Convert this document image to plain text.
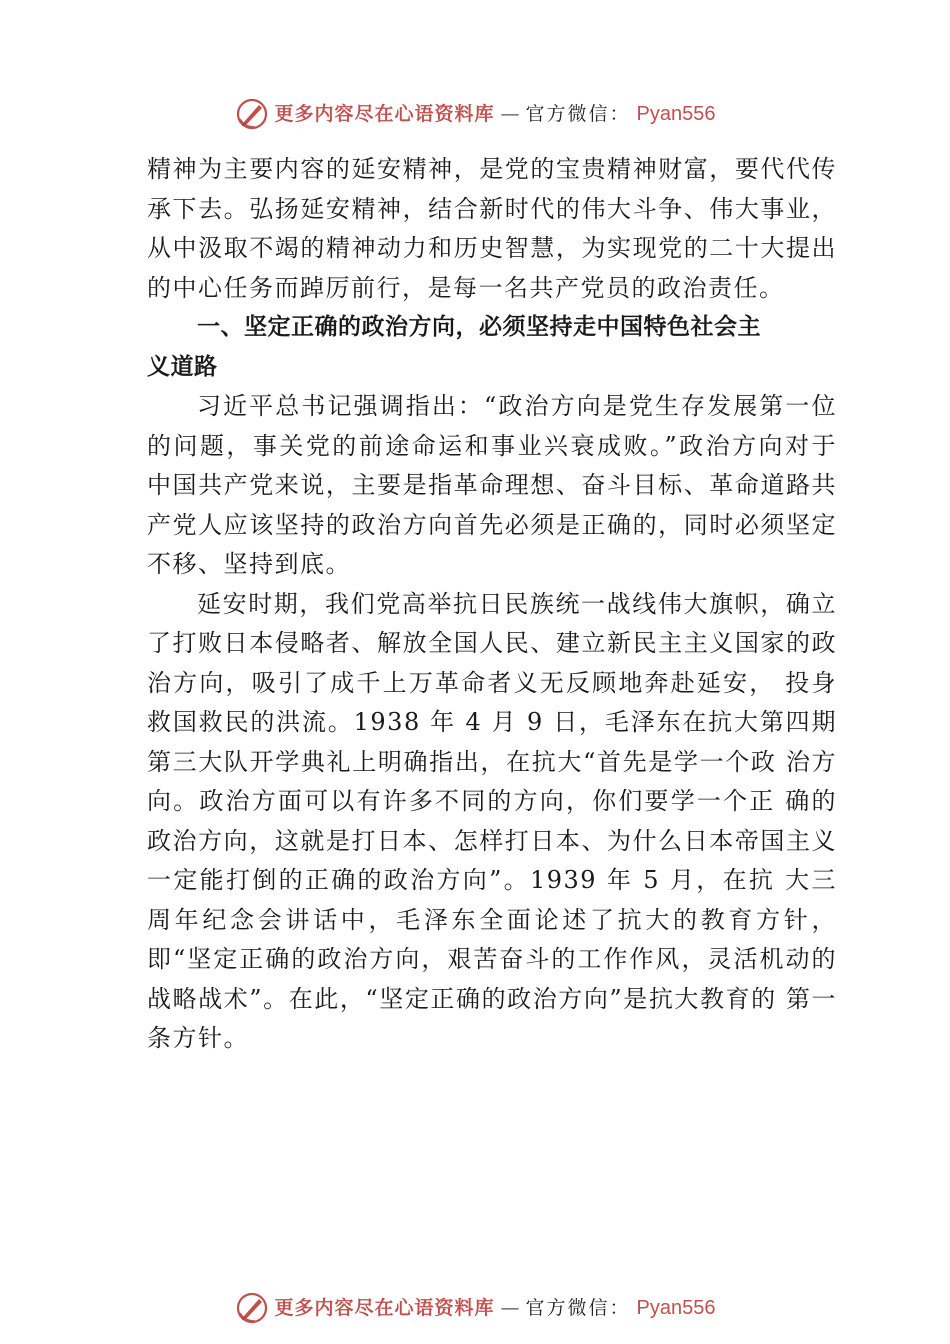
更多内容尽在心语资料库 — 官方微信： Pyan556

精神为主要内容的延安精神，是党的宝贵精神财富，要代代传承下去。弘扬延安精神，结合新时代的伟大斗争、伟大事业，从中汲取不竭的精神动力和历史智慧，为实现党的二十大提出的中心任务而踔厉前行，是每一名共产党员的政治责任。

一、坚定正确的政治方向，必须坚持走中国特色社会主义道路

习近平总书记强调指出：“政治方向是党生存发展第一位的问题，事关党的前途命运和事业兴衰成败。”政治方向对于中国共产党来说，主要是指革命理想、奋斗目标、革命道路共产党人应该坚持的政治方向首先必须是正确的，同时必须坚定不移、坚持到底。

延安时期，我们党高举抗日民族统一战线伟大旗帜，确立了打败日本侵略者、解放全国人民、建立新民主主义国家的政治方向，吸引了成千上万革命者义无反顾地奔赴延安， 投身救国救民的洪流。1938 年 4 月 9 日，毛泽东在抗大第四期第三大队开学典礼上明确指出，在抗大“首先是学一个政 治方向。政治方面可以有许多不同的方向，你们要学一个正 确的政治方向，这就是打日本、怎样打日本、为什么日本帝国主义一定能打倒的正确的政治方向”。1939 年 5 月，在抗 大三周年纪念会讲话中，毛泽东全面论述了抗大的教育方针， 即“坚定正确的政治方向，艰苦奋斗的工作作风，灵活机动的战略战术”。在此，“坚定正确的政治方向”是抗大教育的 第一条方针。

更多内容尽在心语资料库 — 官方微信： Pyan556
